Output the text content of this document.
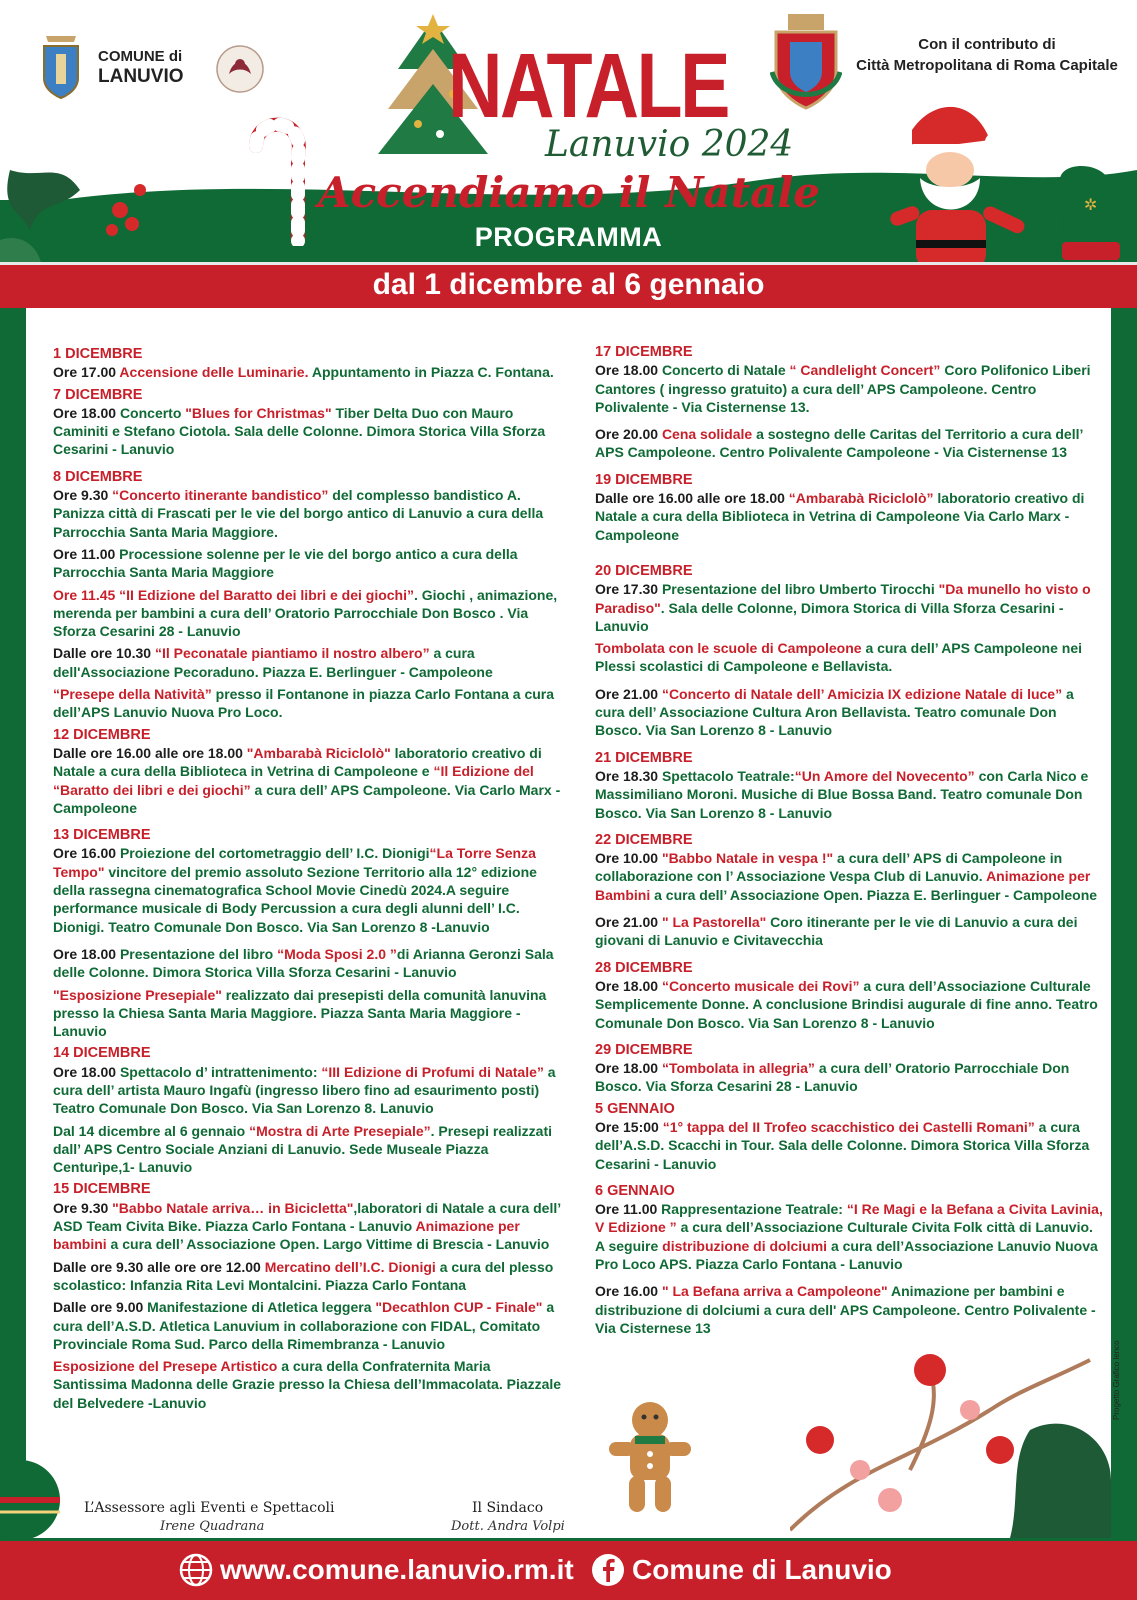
✲
PROGRAMMA
dal 1 dicembre al 6 gennaio
COMUNE di
LANUVIO	NATALE
Lanuvio 2024
Accendiamo il Natale
Con il contributo di
Città Metropolitana di Roma Capitale
1 DICEMBRE
Ore 17.00 Accensione delle Luminarie. Appuntamento in Piazza C. Fontana.
7 DICEMBRE
Ore 18.00 Concerto "Blues for Christmas" Tiber Delta Duo con Mauro Caminiti e Stefano Ciotola. Sala delle Colonne. Dimora Storica Villa Sforza Cesarini - Lanuvio
8 DICEMBRE
Ore 9.30 “Concerto itinerante bandistico” del complesso bandistico A. Panizza città di Frascati per le vie del borgo antico di Lanuvio a cura della Parrocchia Santa Maria Maggiore.
Ore 11.00 Processione solenne per le vie del borgo antico a cura della Parrocchia Santa Maria Maggiore
Ore 11.45 “II Edizione del Baratto dei libri e dei giochi”. Giochi , animazione, merenda per bambini a cura dell’ Oratorio Parrocchiale Don Bosco . Via Sforza Cesarini 28 - Lanuvio
Dalle ore 10.30 “Il Peconatale piantiamo il nostro albero” a cura dell'Associazione Pecoraduno. Piazza E. Berlinguer - Campoleone
“Presepe della Natività” presso il Fontanone in piazza Carlo Fontana a cura dell’APS Lanuvio Nuova Pro Loco.
12 DICEMBRE
Dalle ore 16.00 alle ore 18.00 "Ambarabà Riciclolò" laboratorio creativo di Natale a cura della Biblioteca in Vetrina di Campoleone e “Il Edizione del “Baratto dei libri e dei giochi” a cura dell’ APS Campoleone. Via Carlo Marx - Campoleone
13 DICEMBRE
Ore 16.00 Proiezione del cortometraggio dell’ I.C. Dionigi“La Torre Senza Tempo" vincitore del premio assoluto Sezione Territorio alla 12° edizione della rassegna cinematografica School Movie Cinedù 2024.A seguire performance musicale di Body Percussion a cura degli alunni dell’ I.C. Dionigi. Teatro Comunale Don Bosco. Via San Lorenzo 8 -Lanuvio
Ore 18.00 Presentazione del libro “Moda Sposi 2.0 ”di Arianna Geronzi Sala delle Colonne. Dimora Storica Villa Sforza Cesarini - Lanuvio
"Esposizione Presepiale" realizzato dai presepisti della comunità lanuvina presso la Chiesa Santa Maria Maggiore. Piazza Santa Maria Maggiore - Lanuvio
14 DICEMBRE
Ore 18.00 Spettacolo d’ intrattenimento: “III Edizione di Profumi di Natale” a cura dell’ artista Mauro Ingafù (ingresso libero fino ad esaurimento posti) Teatro Comunale Don Bosco. Via San Lorenzo 8. Lanuvio
Dal 14 dicembre al 6 gennaio “Mostra di Arte Presepiale”. Presepi realizzati dall’ APS Centro Sociale Anziani di Lanuvio. Sede Museale Piazza Centurìpe,1- Lanuvio
15 DICEMBRE
Ore 9.30 "Babbo Natale arriva… in Bicicletta",laboratori di Natale a cura dell’ ASD Team Civita Bike. Piazza Carlo Fontana - Lanuvio Animazione per bambini a cura dell’ Associazione Open. Largo Vittime di Brescia - Lanuvio
Dalle ore 9.30 alle ore ore 12.00 Mercatino dell’I.C. Dionigi a cura del plesso scolastico: Infanzia Rita Levi Montalcini. Piazza Carlo Fontana
Dalle ore 9.00 Manifestazione di Atletica leggera "Decathlon CUP - Finale" a cura dell’A.S.D. Atletica Lanuvium in collaborazione con FIDAL, Comitato Provinciale Roma Sud. Parco della Rimembranza - Lanuvio
Esposizione del Presepe Artistico a cura della Confraternita Maria Santissima Madonna delle Grazie presso la Chiesa dell’Immacolata. Piazzale del Belvedere -Lanuvio
17 DICEMBRE
Ore 18.00 Concerto di Natale “ Candlelight Concert” Coro Polifonico Liberi Cantores ( ingresso gratuito) a cura dell’ APS Campoleone. Centro Polivalente - Via Cisternense 13.
Ore 20.00 Cena solidale a sostegno delle Caritas del Territorio a cura dell’ APS Campoleone. Centro Polivalente Campoleone - Via Cisternense 13
19 DICEMBRE
Dalle ore 16.00 alle ore 18.00 “Ambarabà Riciclolò” laboratorio creativo di Natale a cura della Biblioteca in Vetrina di Campoleone Via Carlo Marx - Campoleone
20 DICEMBRE
Ore 17.30 Presentazione del libro Umberto Tirocchi "Da munello ho visto o Paradiso". Sala delle Colonne, Dimora Storica di Villa Sforza Cesarini - Lanuvio
Tombolata con le scuole di Campoleone a cura dell’ APS Campoleone nei Plessi scolastici di Campoleone e Bellavista.
Ore 21.00 “Concerto di Natale dell’ Amicizia IX edizione Natale di luce” a cura dell’ Associazione Cultura Aron Bellavista. Teatro comunale Don Bosco. Via San Lorenzo 8 - Lanuvio
21 DICEMBRE
Ore 18.30 Spettacolo Teatrale:“Un Amore del Novecento” con Carla Nico e Massimiliano Moroni. Musiche di Blue Bossa Band. Teatro comunale Don Bosco. Via San Lorenzo 8 - Lanuvio
22 DICEMBRE
Ore 10.00 "Babbo Natale in vespa !" a cura dell’ APS di Campoleone in collaborazione con l’ Associazione Vespa Club di Lanuvio. Animazione per Bambini a cura dell’ Associazione Open. Piazza E. Berlinguer - Campoleone
Ore 21.00 " La Pastorella" Coro itinerante per le vie di Lanuvio a cura dei giovani di Lanuvio e Civitavecchia
28 DICEMBRE
Ore 18.00 “Concerto musicale dei Rovi” a cura dell’Associazione Culturale Semplicemente Donne. A conclusione Brindisi augurale di fine anno. Teatro Comunale Don Bosco. Via San Lorenzo 8 - Lanuvio
29 DICEMBRE
Ore 18.00 “Tombolata in allegria” a cura dell’ Oratorio Parrocchiale Don Bosco. Via Sforza Cesarini 28 - Lanuvio
5 GENNAIO
Ore 15:00 “1° tappa del II Trofeo scacchistico dei Castelli Romani” a cura dell’A.S.D. Scacchi in Tour. Sala delle Colonne. Dimora Storica Villa Sforza Cesarini - Lanuvio
6 GENNAIO
Ore 11.00 Rappresentazione Teatrale: “I Re Magi e la Befana a Civita Lavinia, V Edizione ” a cura dell’Associazione Culturale Civita Folk città di Lanuvio. A seguire distribuzione di dolciumi a cura dell’Associazione Lanuvio Nuova Pro Loco APS. Piazza Carlo Fontana - Lanuvio
Ore 16.00 " La Befana arriva a Campoleone" Animazione per bambini e distribuzione di dolciumi a cura dell' APS Campoleone. Centro Polivalente - Via Cisternese 13
L’Assessore agli Eventi e Spettacoli
Irene Quadrana
Il Sindaco
Dott. Andra Volpi
Progetto Grafico lenco
www.comune.lanuvio.rm.it Comune di Lanuvio
